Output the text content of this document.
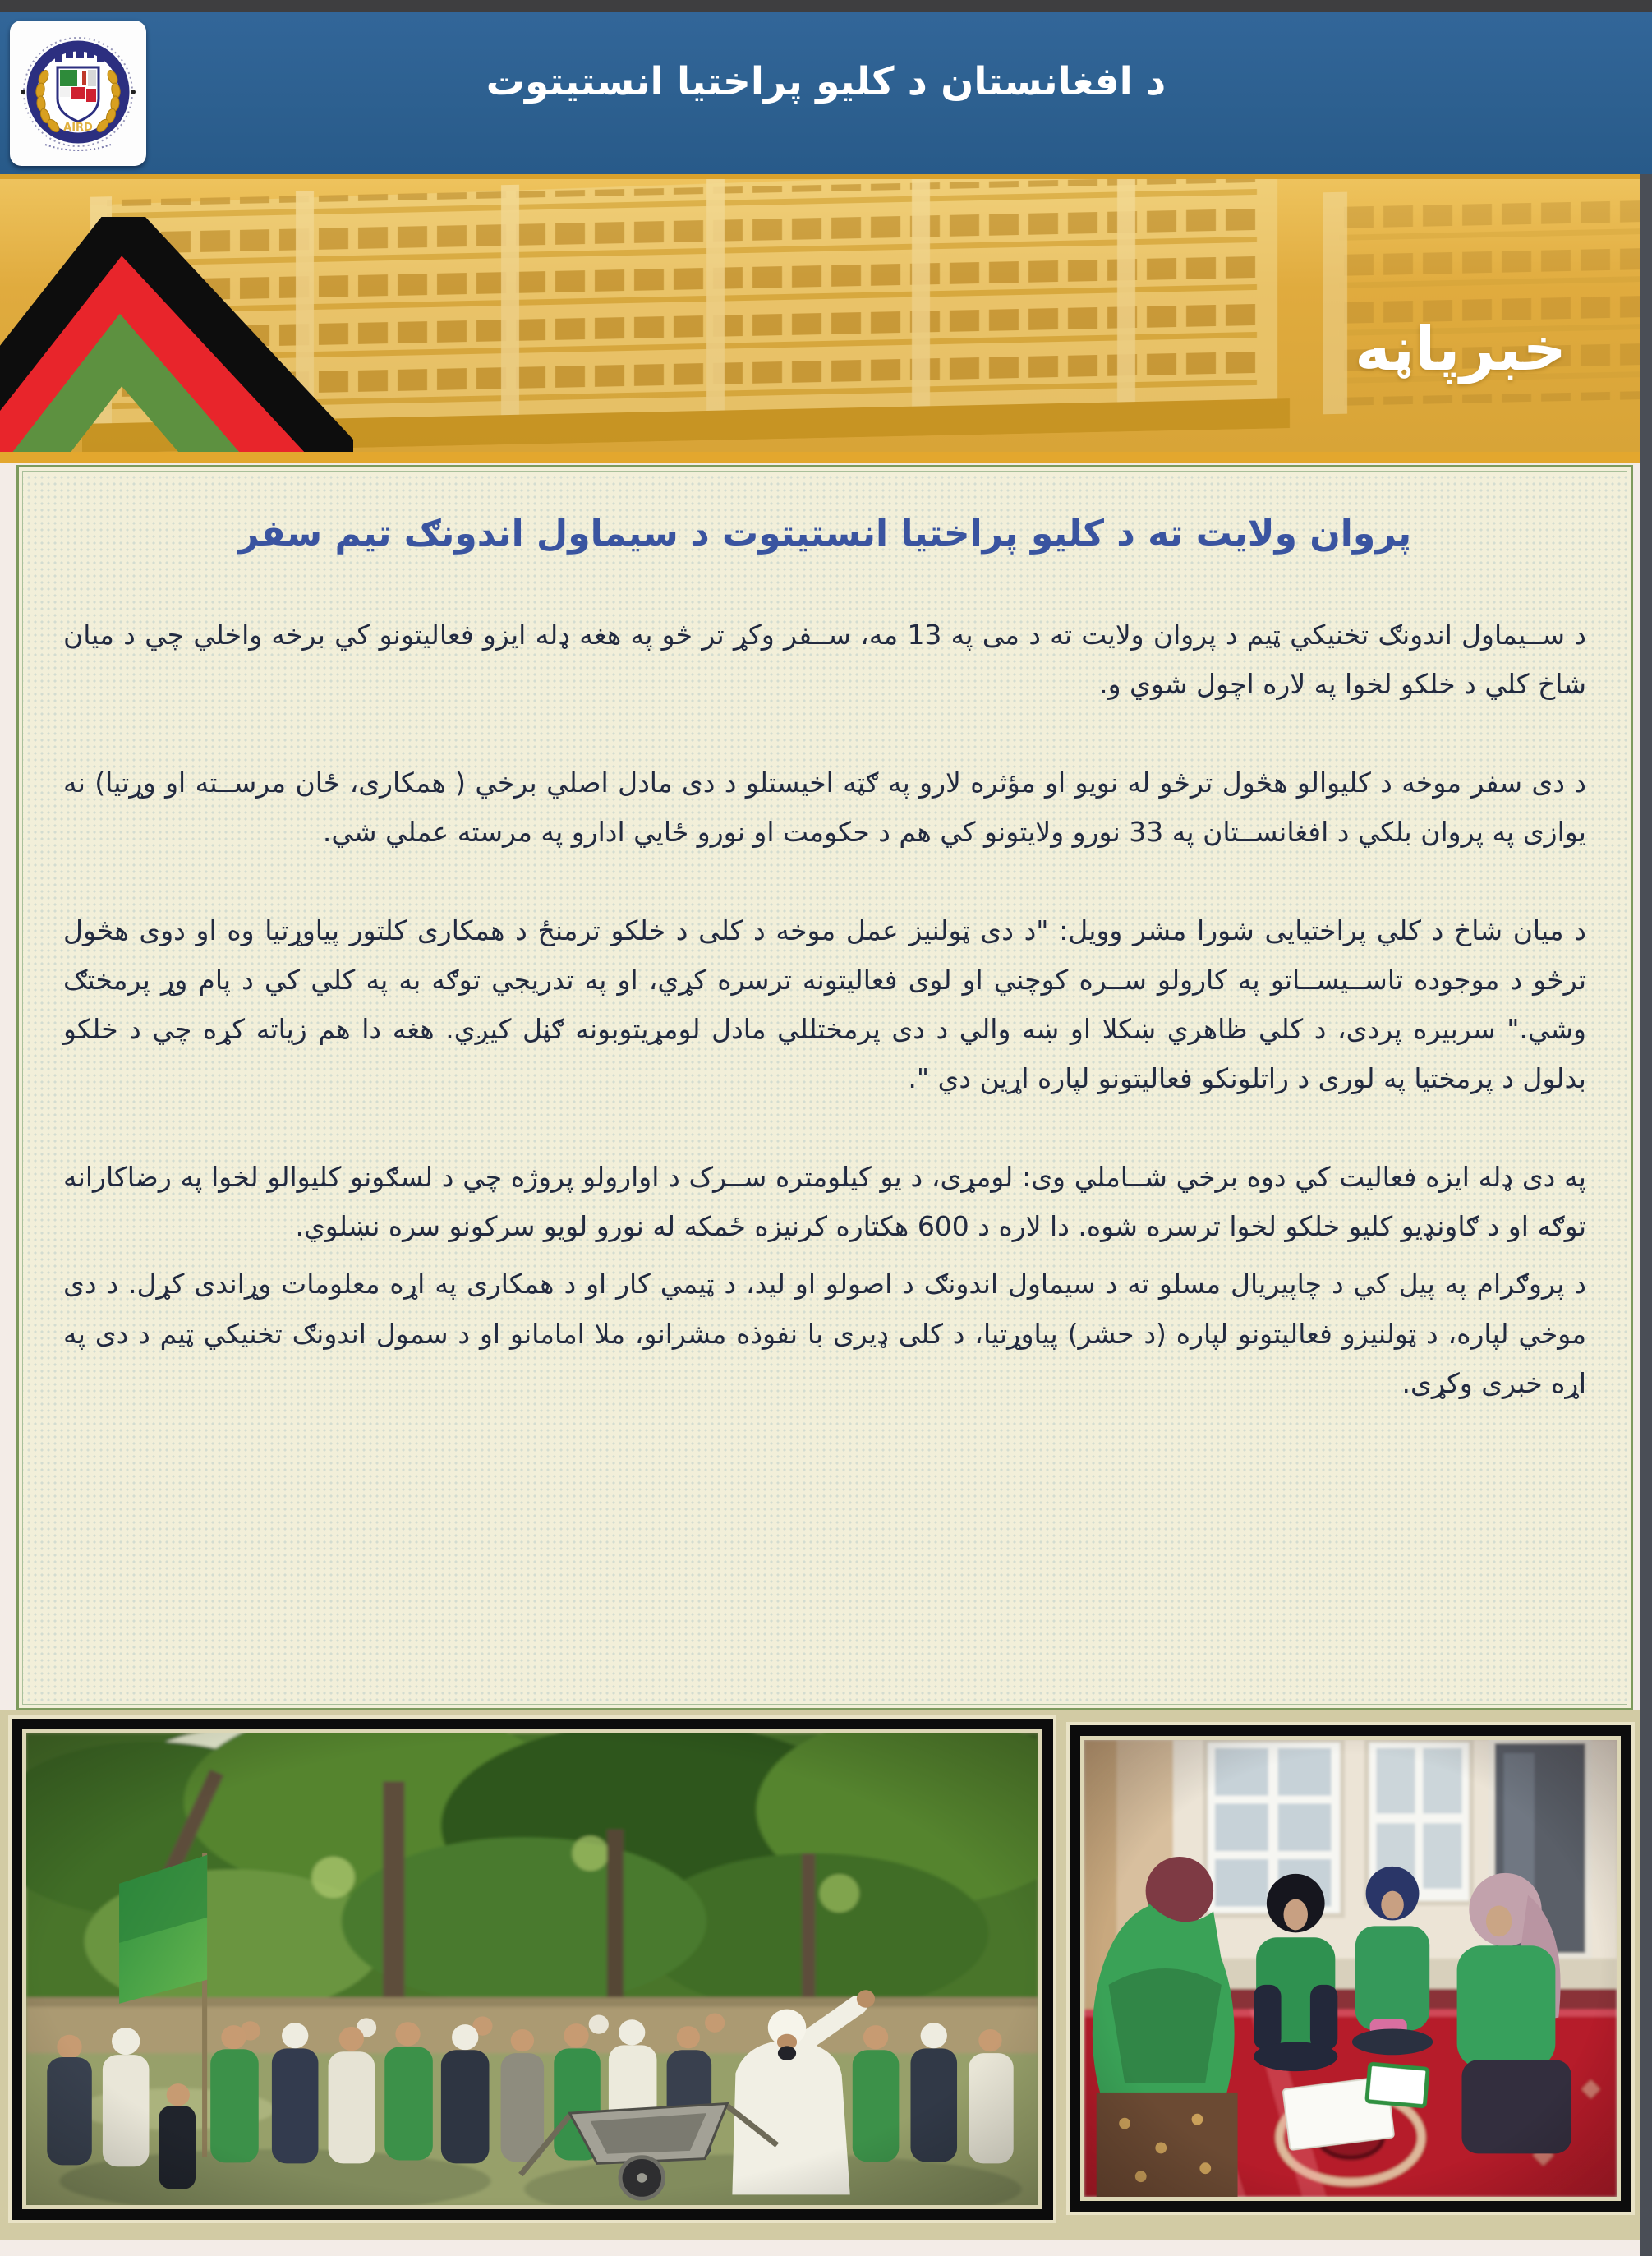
AIRD
د افغانستان د کلیو پراختیا انستیتوت
خبرپاڼه
پروان ولایت ته د کلیو پراختیا انستیتوت د سیماول اندونګ تیم سفر

د ســیماول اندونګ تخنیکي ټیم د پروان ولایت ته د می په 13 مه، ســفر وکړ تر څو په هغه ډله ایزو فعالیتونو کي برخه واخلي چي د میان شاخ کلي د خلکو لخوا په لاره اچول شوي و.

د دی سفر موخه د کلیوالو هڅول ترڅو له نویو او مؤثره لارو په ګټه اخیستلو د دی مادل اصلي برخي ( همکاری، ځان مرســته او وړتیا) نه یوازی په پروان بلکي د افغانســتان په 33 نورو ولایتونو کي هم د حکومت او نورو ځایي ادارو په مرسته عملي شي.

د میان شاخ د کلي پراختیایی شورا مشر وویل: "د دی ټولنیز عمل موخه د کلی د خلکو ترمنځ د همکاری کلتور پیاوړتیا وه او دوی هڅول ترڅو د موجوده تاســیســاتو په کارولو ســره کوچني او لوی فعالیتونه ترسره کړي، او په تدریجي توګه به په کلي کي د پام وړ پرمختګ وشي." سربیره پردی، د کلي ظاهري ښکلا او ښه والي د دی پرمختللي مادل لومړیتوبونه ګڼل کیږي. هغه دا هم زیاته کړه چي د خلکو بدلول د پرمختیا په لوری د راتلونکو فعالیتونو لپاره اړین دي ".

په دی ډله ایزه فعالیت کي دوه برخي شــاملي وی: لومړی، د یو کیلومتره ســرک د اوارولو پروژه چي د لسګونو کلیوالو لخوا په رضاکارانه توګه او د ګاونډیو کلیو خلکو لخوا ترسره شوه. دا لاره د 600 هکتاره کرنیزه ځمکه له نورو لویو سرکونو سره نښلوي.

د پروګرام په پیل کي د چاپیریال مسلو ته د سیماول اندونګ د اصولو او لید، د ټیمي کار او د همکاری په اړه معلومات وړاندی کړل. د دی موخي لپاره، د ټولنیزو فعالیتونو لپاره (د حشر) پیاوړتیا، د کلی ډیری با نفوذه مشرانو، ملا امامانو او د سمول اندونګ تخنیکي ټیم د دی په اړه خبری وکړی.
